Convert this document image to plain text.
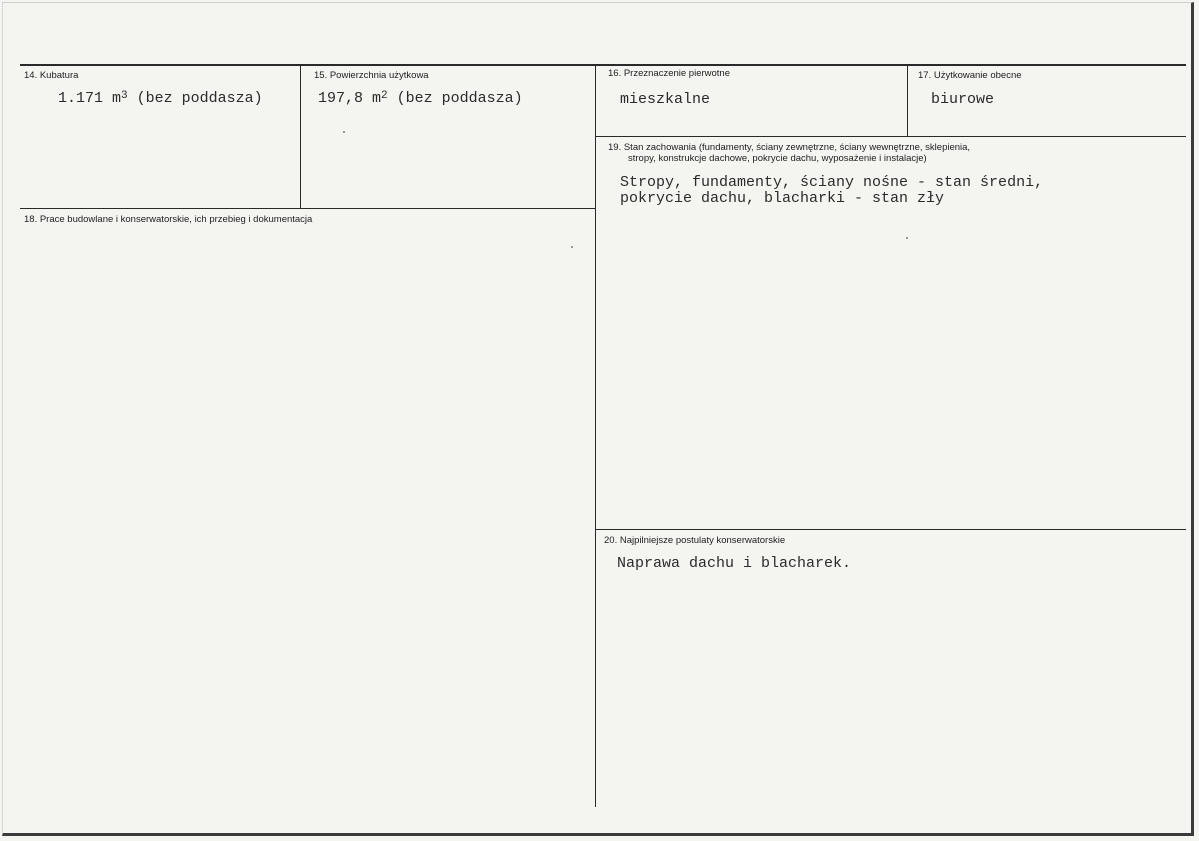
14. Kubatura
1.171 $m^3$ (bez poddasza)
15. Powierzchnia użytkowa
197,8 $m^2$ (bez poddasza)
16. Przeznaczenie pierwotne
mieszkalne
17. Użytkowanie obecne
biurowe
18. Prace budowlane i konserwatorskie, ich przebieg i dokumentacja
19. Stan zachowania (fundamenty, ściany zewnętrzne, ściany wewnętrzne, sklepienia,
stropy, konstrukcje dachowe, pokrycie dachu, wyposażenie i instalacje)
Stropy, fundamenty, ściany nośne - stan średni,
pokrycie dachu, blacharki - stan zły
20. Najpilniejsze postulaty konserwatorskie
Naprawa dachu i blacharek.
